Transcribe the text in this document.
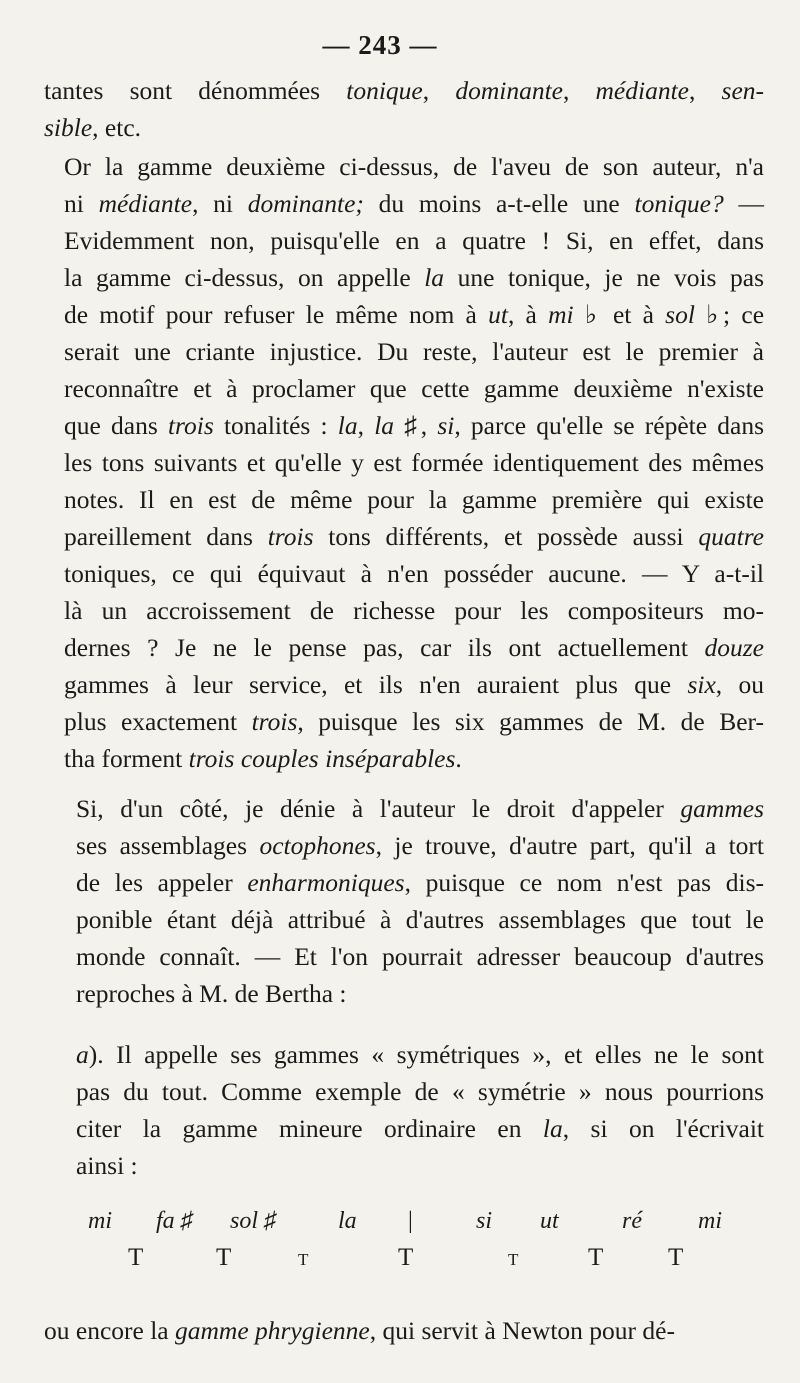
— 243 —

tantes sont dénommées tonique, dominante, médiante, sen-
sible, etc.

Or la gamme deuxième ci-dessus, de l'aveu de son auteur, n'a
ni médiante, ni dominante; du moins a-t-elle une tonique? —
Evidemment non, puisqu'elle en a quatre ! Si, en effet, dans
la gamme ci-dessus, on appelle la une tonique, je ne vois pas
de motif pour refuser le même nom à ut, à mi ♭ et à sol ♭; ce
serait une criante injustice. Du reste, l'auteur est le premier à
reconnaître et à proclamer que cette gamme deuxième n'existe
que dans trois tonalités : la, la ♯, si, parce qu'elle se répète dans
les tons suivants et qu'elle y est formée identiquement des mêmes
notes. Il en est de même pour la gamme première qui existe
pareillement dans trois tons différents, et possède aussi quatre
toniques, ce qui équivaut à n'en posséder aucune. — Y a-t-il
là un accroissement de richesse pour les compositeurs mo-
dernes ? Je ne le pense pas, car ils ont actuellement douze
gammes à leur service, et ils n'en auraient plus que six, ou
plus exactement trois, puisque les six gammes de M. de Ber-
tha forment trois couples inséparables.

Si, d'un côté, je dénie à l'auteur le droit d'appeler gammes
ses assemblages octophones, je trouve, d'autre part, qu'il a tort
de les appeler enharmoniques, puisque ce nom n'est pas dis-
ponible étant déjà attribué à d'autres assemblages que tout le
monde connaît. — Et l'on pourrait adresser beaucoup d'autres
reproches à M. de Bertha :

a). Il appelle ses gammes « symétriques », et elles ne le sont
pas du tout. Comme exemple de « symétrie » nous pourrions
citer la gamme mineure ordinaire en la, si on l'écrivait
ainsi :

ou encore la gamme phrygienne, qui servit à Newton pour dé-

mi fa ♯ sol ♯	la |	si ut	ré mi
T	T	T	T	T	T	T
